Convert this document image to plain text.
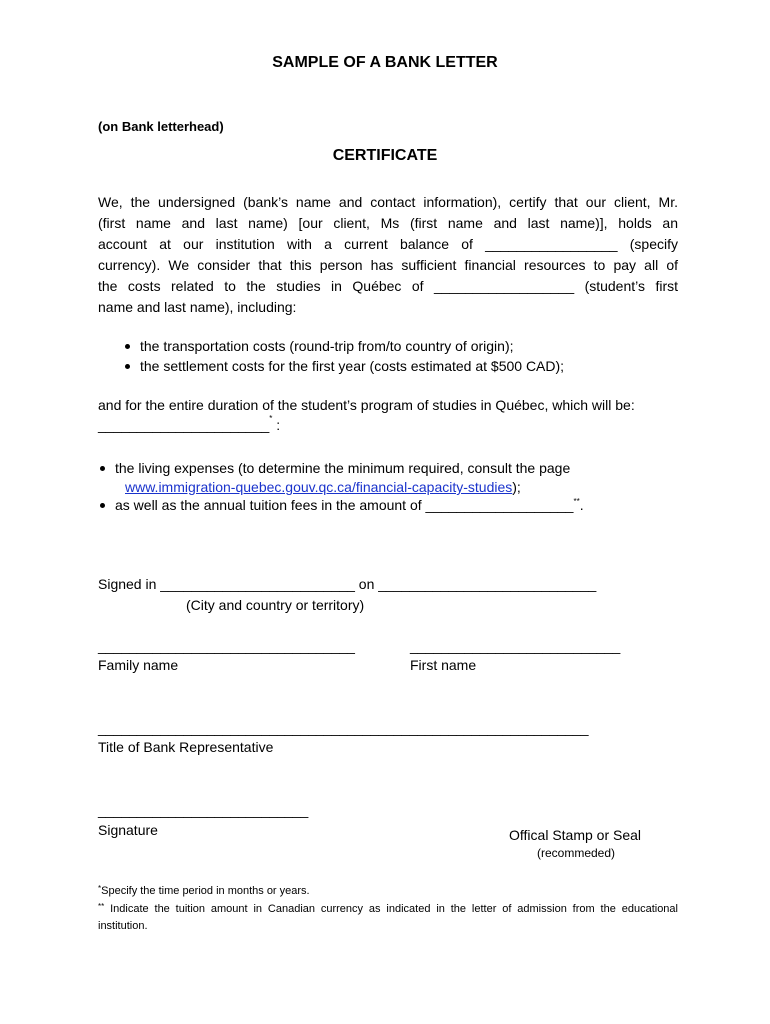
SAMPLE OF A BANK LETTER
(on Bank letterhead)
CERTIFICATE
We, the undersigned (bank’s name and contact information), certify that our client, Mr.
(first name and last name) [our client, Ms (first name and last name)], holds an
account at our institution with a current balance of _________________ (specify
currency). We consider that this person has sufficient financial resources to pay all of
the costs related to the studies in Québec of __________________ (student’s first
name and last name), including:
the transportation costs (round-trip from/to country of origin);
the settlement costs for the first year (costs estimated at $500 CAD);
and for the entire duration of the student’s program of studies in Québec, which will be:
______________________* :
the living expenses (to determine the minimum required, consult the page
www.immigration-quebec.gouv.qc.ca/financial-capacity-studies);
as well as the annual tuition fees in the amount of ___________________**.
Signed in _________________________ on ____________________________
(City and country or territory)
_________________________________
Family name
___________________________
First name
_______________________________________________________________
Title of Bank Representative
___________________________
Signature	Offical Stamp or Seal
(recommeded)
*Specify the time period in months or years.
** Indicate the tuition amount in Canadian currency as indicated in the letter of admission from the educational
institution.
